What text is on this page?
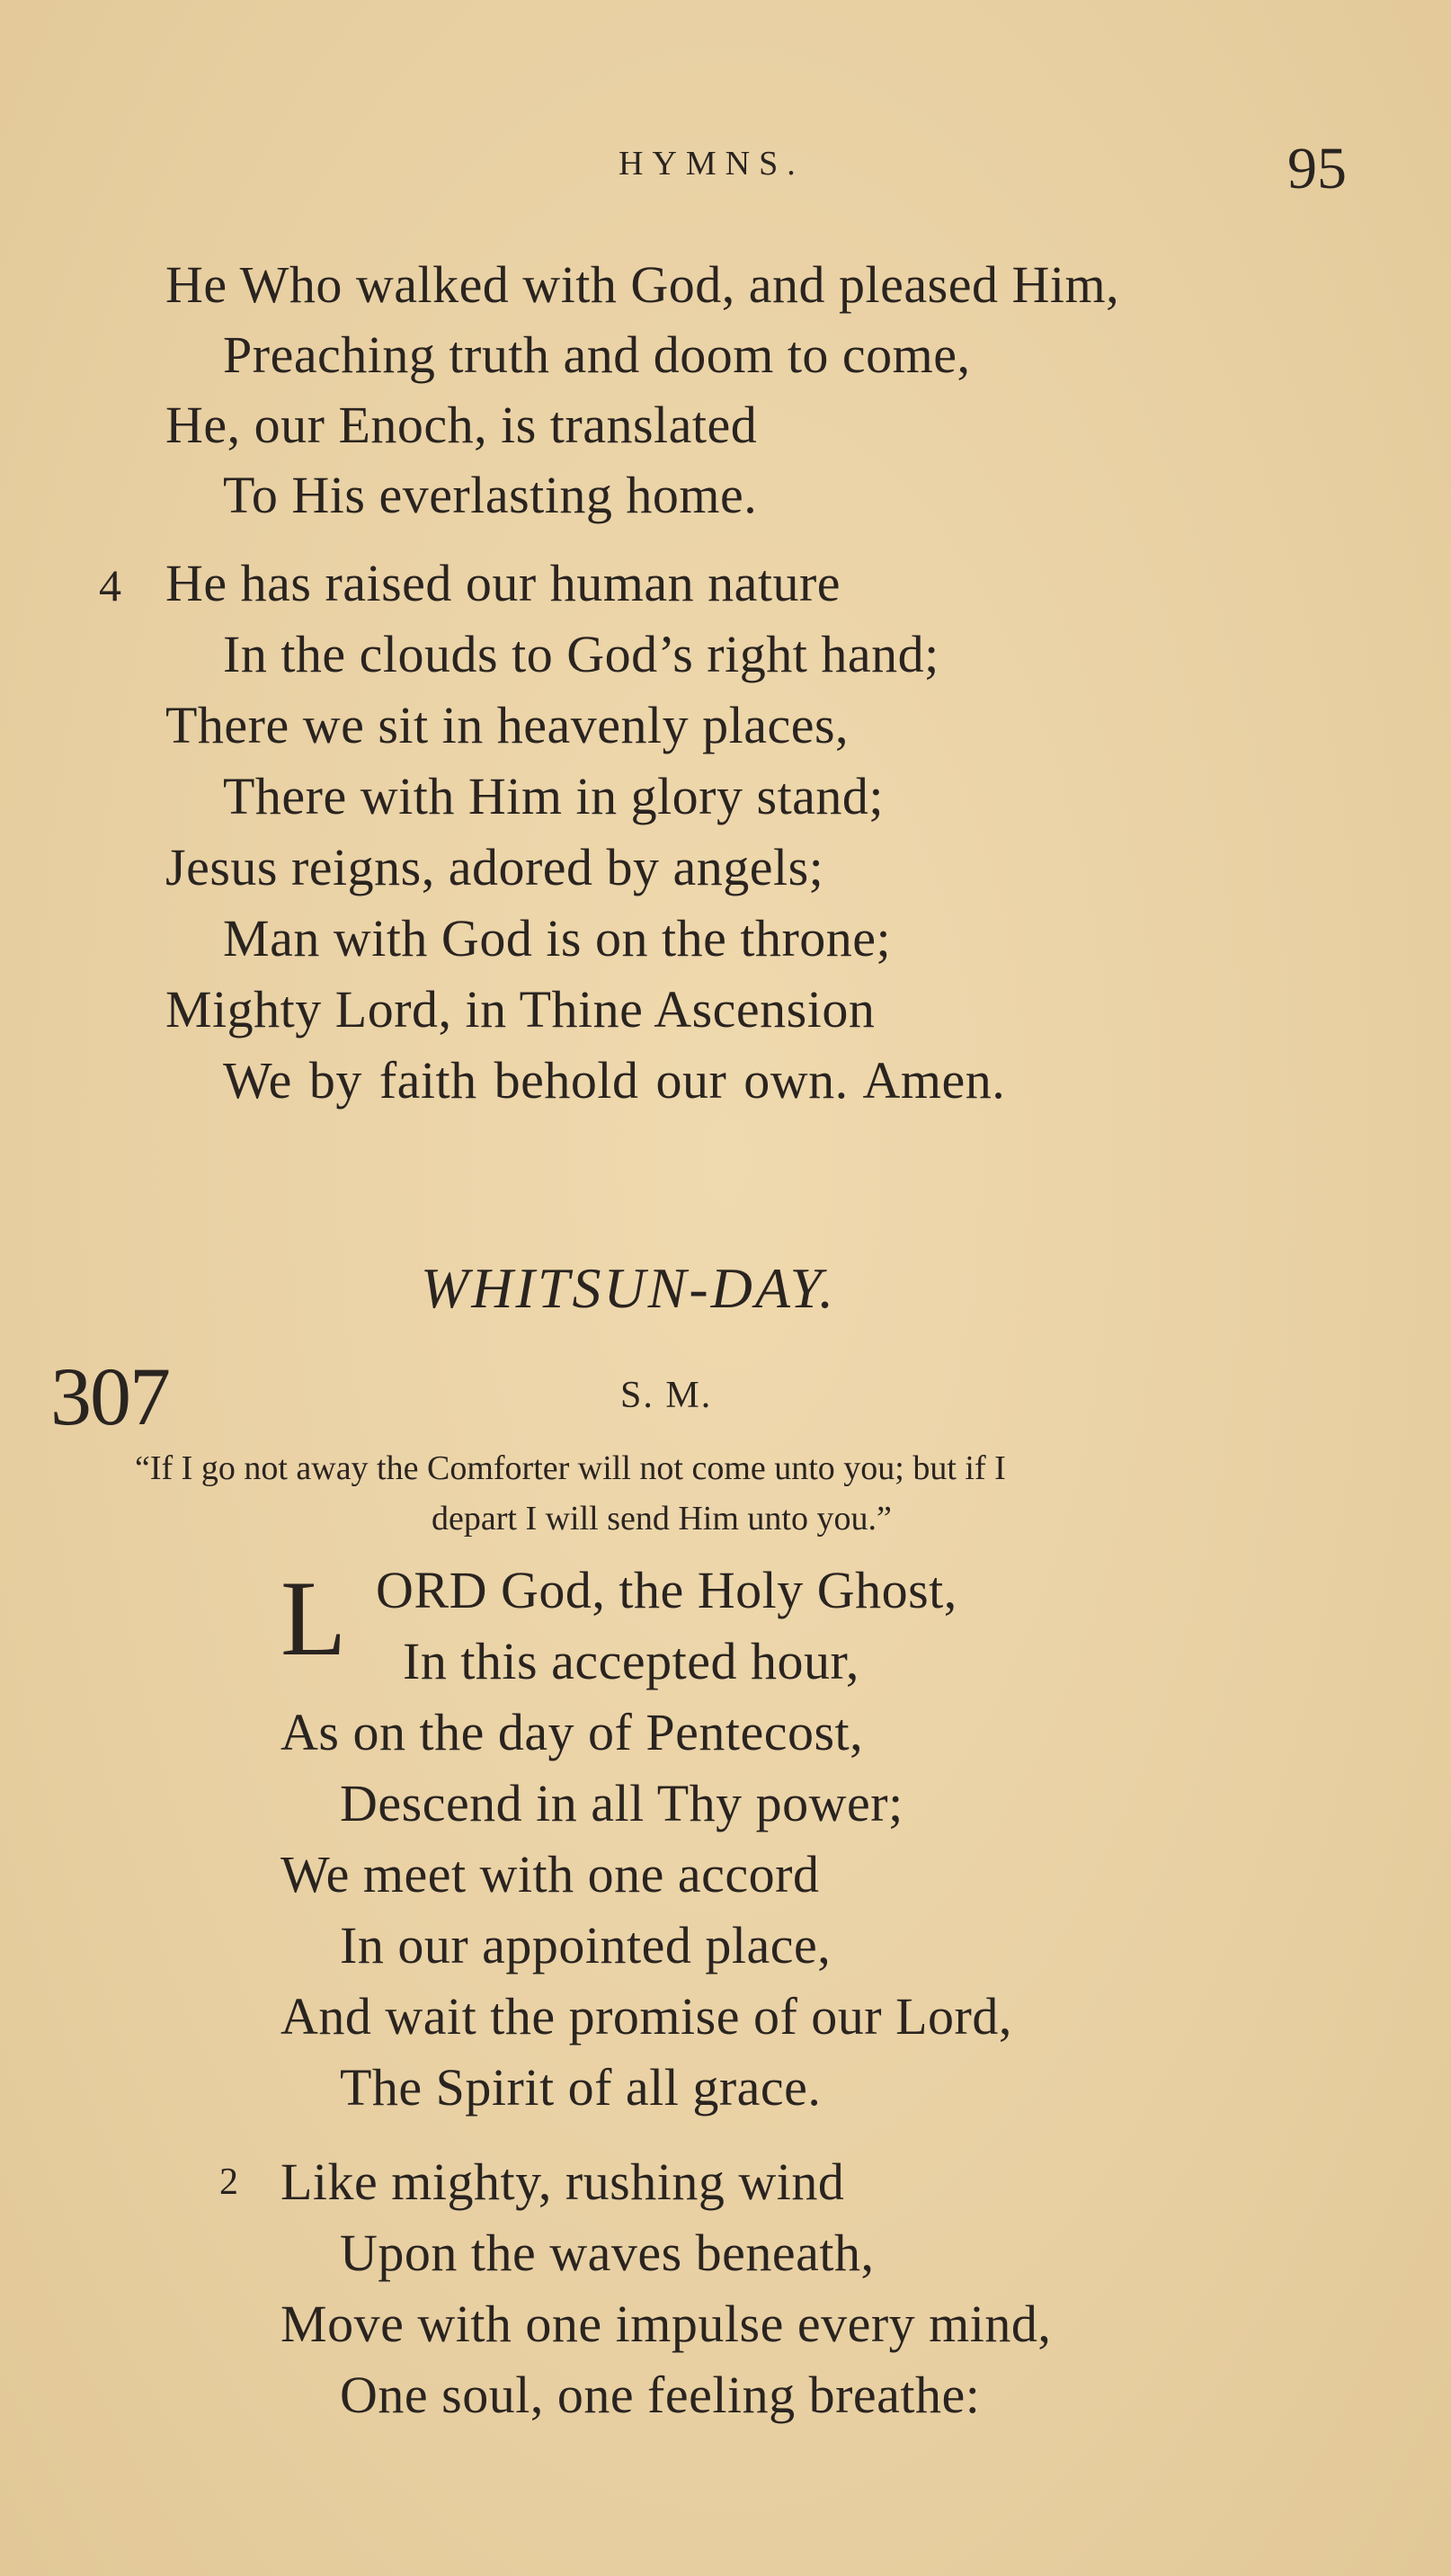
HYMNS.	95
He Who walked with God, and pleased Him,
Preaching truth and doom to come,
He, our Enoch, is translated
To His everlasting home.
4 He has raised our human nature
In the clouds to God’s right hand;
There we sit in heavenly places,
There with Him in glory stand;
Jesus reigns, adored by angels;
Man with God is on the throne;
Mighty Lord, in Thine Ascension
We by faith behold our own. Amen.
WHITSUN-DAY.
307	S. M.
“If I go not away the Comforter will not come unto you; but if I
depart I will send Him unto you.”
L ORD God, the Holy Ghost,
In this accepted hour,
As on the day of Pentecost,
Descend in all Thy power;
We meet with one accord
In our appointed place,
And wait the promise of our Lord,
The Spirit of all grace.
2 Like mighty, rushing wind
Upon the waves beneath,
Move with one impulse every mind,
One soul, one feeling breathe:
